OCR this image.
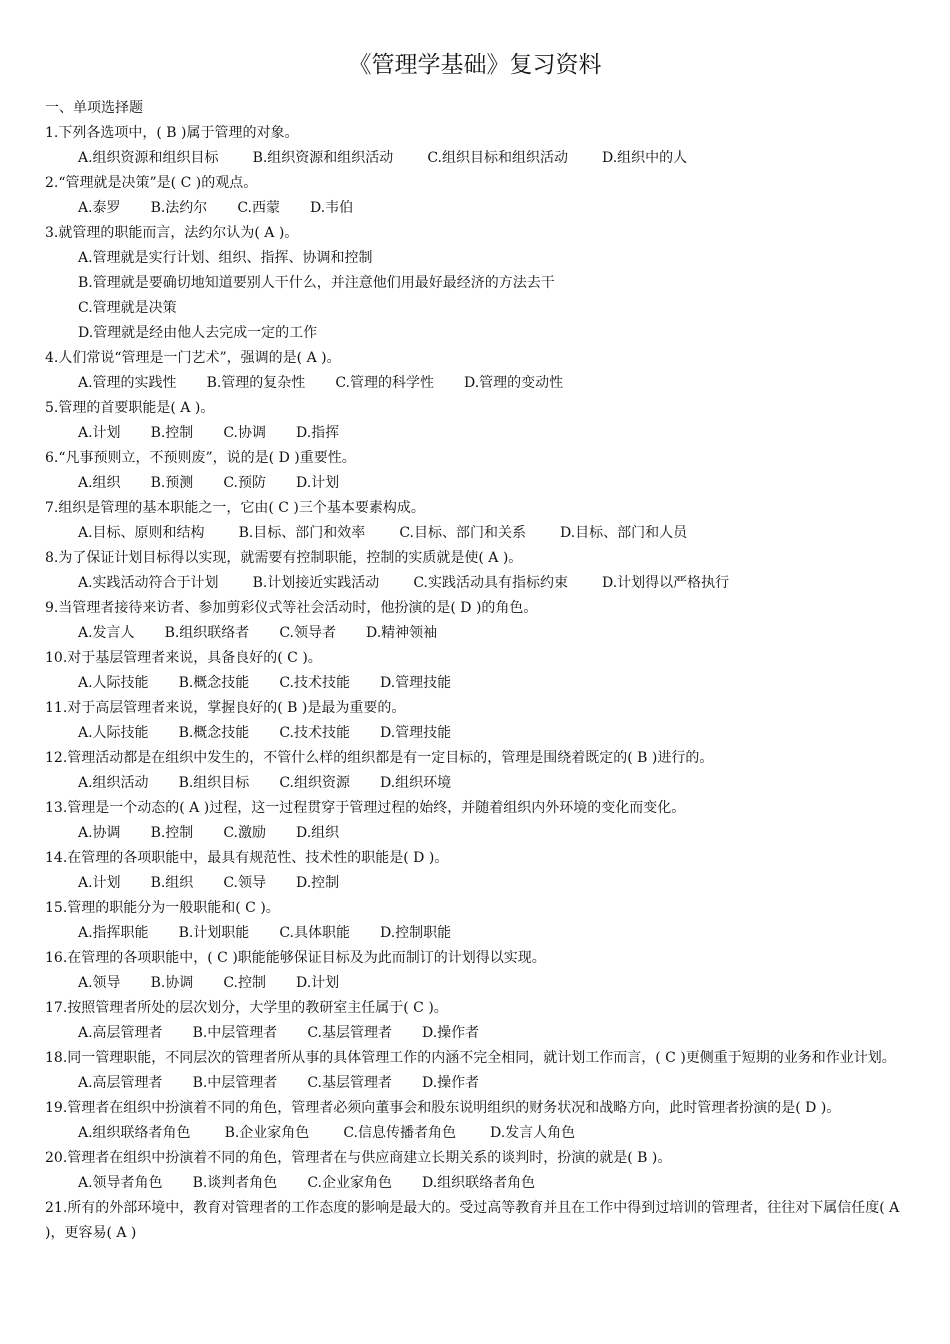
《管理学基础》复习资料
一、单项选择题
1.下列各选项中，( B )属于管理的对象。
A.组织资源和组织目标 B.组织资源和组织活动 C.组织目标和组织活动 D.组织中的人
2.“管理就是决策”是( C )的观点。
A.泰罗 B.法约尔 C.西蒙 D.韦伯
3.就管理的职能而言，法约尔认为( A )。
A.管理就是实行计划、组织、指挥、协调和控制
B.管理就是要确切地知道要别人干什么，并注意他们用最好最经济的方法去干
C.管理就是决策
D.管理就是经由他人去完成一定的工作
4.人们常说“管理是一门艺术”，强调的是( A )。
A.管理的实践性 B.管理的复杂性 C.管理的科学性 D.管理的变动性
5.管理的首要职能是( A )。
A.计划 B.控制 C.协调 D.指挥
6.“凡事预则立，不预则废”，说的是( D )重要性。
A.组织 B.预测 C.预防 D.计划
7.组织是管理的基本职能之一，它由( C )三个基本要素构成。
A.目标、原则和结构 B.目标、部门和效率 C.目标、部门和关系 D.目标、部门和人员
8.为了保证计划目标得以实现，就需要有控制职能，控制的实质就是使( A )。
A.实践活动符合于计划 B.计划接近实践活动 C.实践活动具有指标约束 D.计划得以严格执行
9.当管理者接待来访者、参加剪彩仪式等社会活动时，他扮演的是( D )的角色。
A.发言人 B.组织联络者 C.领导者 D.精神领袖
10.对于基层管理者来说，具备良好的( C )。
A.人际技能 B.概念技能 C.技术技能 D.管理技能
11.对于高层管理者来说，掌握良好的( B )是最为重要的。
A.人际技能 B.概念技能 C.技术技能 D.管理技能
12.管理活动都是在组织中发生的，不管什么样的组织都是有一定目标的，管理是围绕着既定的( B )进行的。
A.组织活动 B.组织目标 C.组织资源 D.组织环境
13.管理是一个动态的( A )过程，这一过程贯穿于管理过程的始终，并随着组织内外环境的变化而变化。
A.协调 B.控制 C.激励 D.组织
14.在管理的各项职能中，最具有规范性、技术性的职能是( D )。
A.计划 B.组织 C.领导 D.控制
15.管理的职能分为一般职能和( C )。
A.指挥职能 B.计划职能 C.具体职能 D.控制职能
16.在管理的各项职能中，( C )职能能够保证目标及为此而制订的计划得以实现。
A.领导 B.协调 C.控制 D.计划
17.按照管理者所处的层次划分，大学里的教研室主任属于( C )。
A.高层管理者 B.中层管理者 C.基层管理者 D.操作者
18.同一管理职能，不同层次的管理者所从事的具体管理工作的内涵不完全相同，就计划工作而言，( C )更侧重于短期的业务和作业计划。
A.高层管理者 B.中层管理者 C.基层管理者 D.操作者
19.管理者在组织中扮演着不同的角色，管理者必须向董事会和股东说明组织的财务状况和战略方向，此时管理者扮演的是( D )。
A.组织联络者角色 B.企业家角色 C.信息传播者角色 D.发言人角色
20.管理者在组织中扮演着不同的角色，管理者在与供应商建立长期关系的谈判时，扮演的就是( B )。
A.领导者角色 B.谈判者角色 C.企业家角色 D.组织联络者角色
21.所有的外部环境中，教育对管理者的工作态度的影响是最大的。受过高等教育并且在工作中得到过培训的管理者，往往对下属信任度( A )，更容易( A )
